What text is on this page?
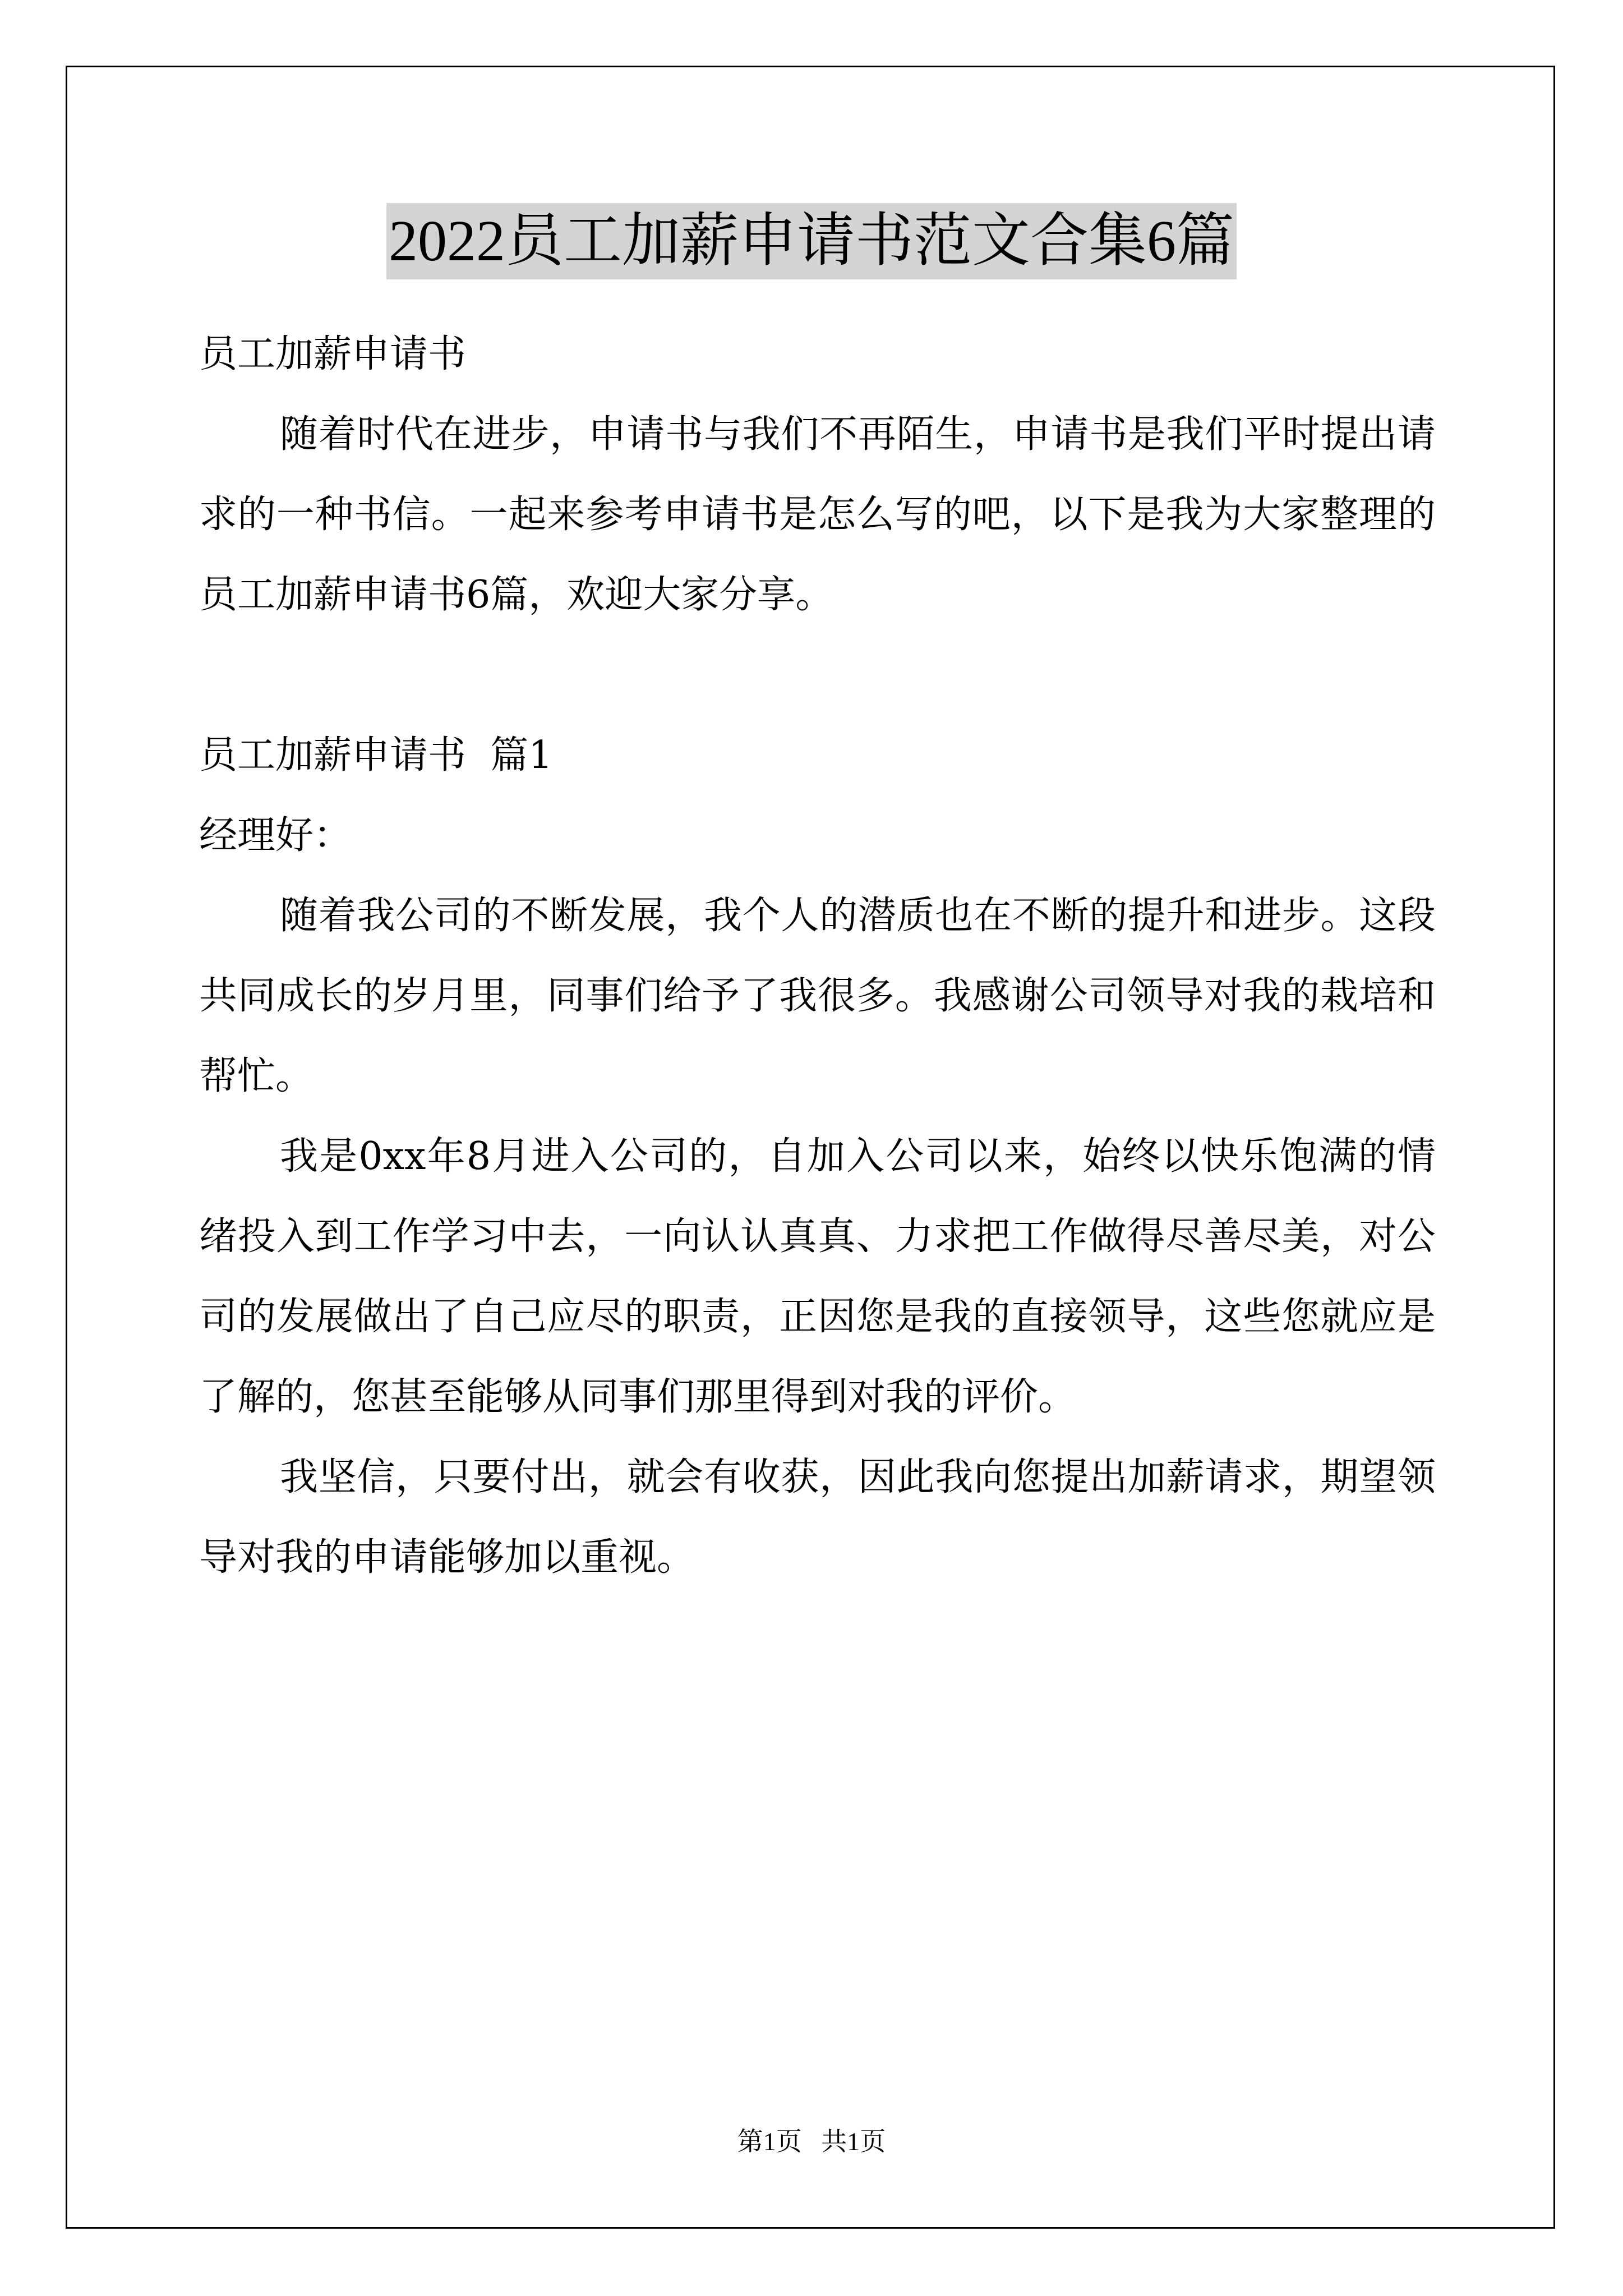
2022员工加薪申请书范文合集6篇

员工加薪申请书

随着时代在进步，申请书与我们不再陌生，申请书是我们平时提出请求的一种书信。一起来参考申请书是怎么写的吧，以下是我为大家整理的员工加薪申请书6篇，欢迎大家分享。

员工加薪申请书  篇1

经理好：

随着我公司的不断发展，我个人的潜质也在不断的提升和进步。这段共同成长的岁月里，同事们给予了我很多。我感谢公司领导对我的栽培和帮忙。

我是0xx年8月进入公司的，自加入公司以来，始终以快乐饱满的情绪投入到工作学习中去，一向认认真真、力求把工作做得尽善尽美，对公司的发展做出了自己应尽的职责，正因您是我的直接领导，这些您就应是了解的，您甚至能够从同事们那里得到对我的评价。

我坚信，只要付出，就会有收获，因此我向您提出加薪请求，期望领导对我的申请能够加以重视。

第1页   共1页
